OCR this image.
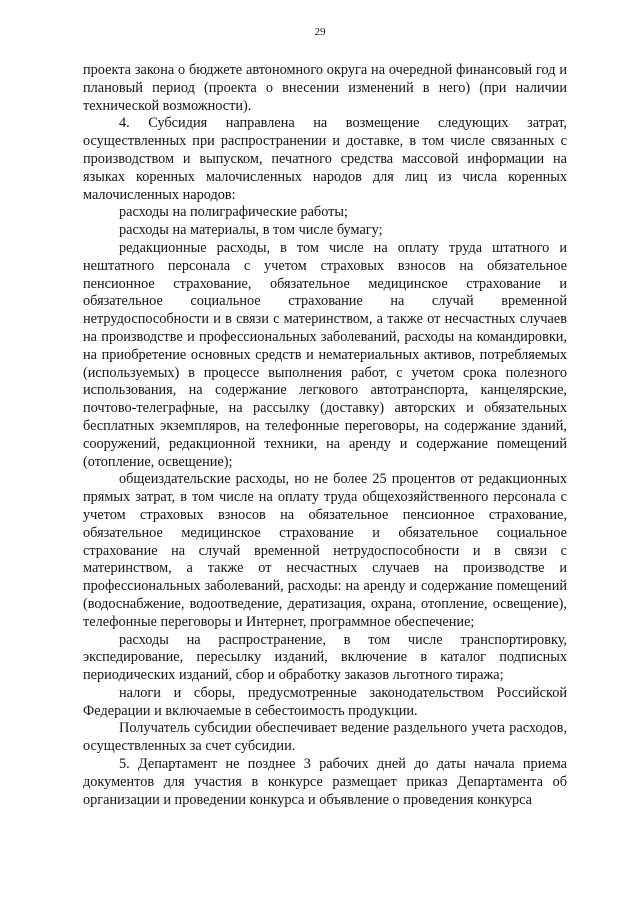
29

проекта закона о бюджете автономного округа на очередной финансовый год и плановый период (проекта о внесении изменений в него) (при наличии технической возможности).

4. Субсидия направлена на возмещение следующих затрат, осуществленных при распространении и доставке, в том числе связанных с производством и выпуском, печатного средства массовой информации на языках коренных малочисленных народов для лиц из числа коренных малочисленных народов:

расходы на полиграфические работы;

расходы на материалы, в том числе бумагу;

редакционные расходы, в том числе на оплату труда штатного и нештатного персонала с учетом страховых взносов на обязательное пенсионное страхование, обязательное медицинское страхование и обязательное социальное страхование на случай временной нетрудоспособности и в связи с материнством, а также от несчастных случаев на производстве и профессиональных заболеваний, расходы на командировки, на приобретение основных средств и нематериальных активов, потребляемых (используемых) в процессе выполнения работ, с учетом срока полезного использования, на содержание легкового автотранспорта, канцелярские, почтово-телеграфные, на рассылку (доставку) авторских и обязательных бесплатных экземпляров, на телефонные переговоры, на содержание зданий, сооружений, редакционной техники, на аренду и содержание помещений (отопление, освещение);

общеиздательские расходы, но не более 25 процентов от редакционных прямых затрат, в том числе на оплату труда общехозяйственного персонала с учетом страховых взносов на обязательное пенсионное страхование, обязательное медицинское страхование и обязательное социальное страхование на случай временной нетрудоспособности и в связи с материнством, а также от несчастных случаев на производстве и профессиональных заболеваний, расходы: на аренду и содержание помещений (водоснабжение, водоотведение, дератизация, охрана, отопление, освещение), телефонные переговоры и Интернет, программное обеспечение;

расходы на распространение, в том числе транспортировку, экспедирование, пересылку изданий, включение в каталог подписных периодических изданий, сбор и обработку заказов льготного тиража;

налоги и сборы, предусмотренные законодательством Российской Федерации и включаемые в себестоимость продукции.

Получатель субсидии обеспечивает ведение раздельного учета расходов, осуществленных за счет субсидии.

5. Департамент не позднее 3 рабочих дней до даты начала приема документов для участия в конкурсе размещает приказ Департамента об организации и проведении конкурса и объявление о проведения конкурса
